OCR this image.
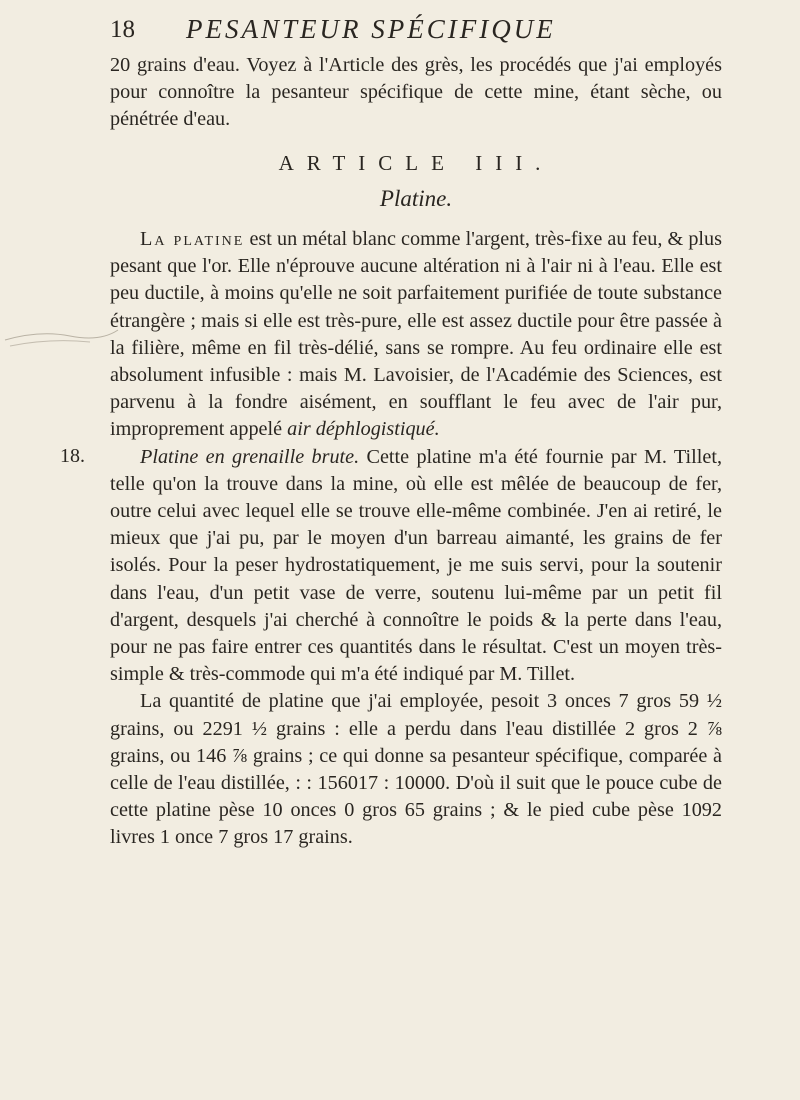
18 PESANTEUR SPÉCIFIQUE
18.

20 grains d'eau. Voyez à l'Article des grès, les procédés que j'ai employés pour connoître la pesanteur spécifique de cette mine, étant sèche, ou pénétrée d'eau.

ARTICLE III.

Platine.

La platine est un métal blanc comme l'argent, très-fixe au feu, & plus pesant que l'or. Elle n'éprouve aucune altération ni à l'air ni à l'eau. Elle est peu ductile, à moins qu'elle ne soit parfaitement purifiée de toute substance étrangère ; mais si elle est très-pure, elle est assez ductile pour être passée à la filière, même en fil très-délié, sans se rompre. Au feu ordinaire elle est absolument infusible : mais M. Lavoisier, de l'Académie des Sciences, est parvenu à la fondre aisément, en soufflant le feu avec de l'air pur, improprement appelé air déphlogistiqué.

Platine en grenaille brute. Cette platine m'a été fournie par M. Tillet, telle qu'on la trouve dans la mine, où elle est mêlée de beaucoup de fer, outre celui avec lequel elle se trouve elle-même combinée. J'en ai retiré, le mieux que j'ai pu, par le moyen d'un barreau aimanté, les grains de fer isolés. Pour la peser hydrostatiquement, je me suis servi, pour la soutenir dans l'eau, d'un petit vase de verre, soutenu lui-même par un petit fil d'argent, desquels j'ai cherché à connoître le poids & la perte dans l'eau, pour ne pas faire entrer ces quantités dans le résultat. C'est un moyen très-simple & très-commode qui m'a été indiqué par M. Tillet.

La quantité de platine que j'ai employée, pesoit 3 onces 7 gros 59 ½ grains, ou 2291 ½ grains : elle a perdu dans l'eau distillée 2 gros 2 ⅞ grains, ou 146 ⅞ grains ; ce qui donne sa pesanteur spécifique, comparée à celle de l'eau distillée, : : 156017 : 10000. D'où il suit que le pouce cube de cette platine pèse 10 onces 0 gros 65 grains ; & le pied cube pèse 1092 livres 1 once 7 gros 17 grains.
